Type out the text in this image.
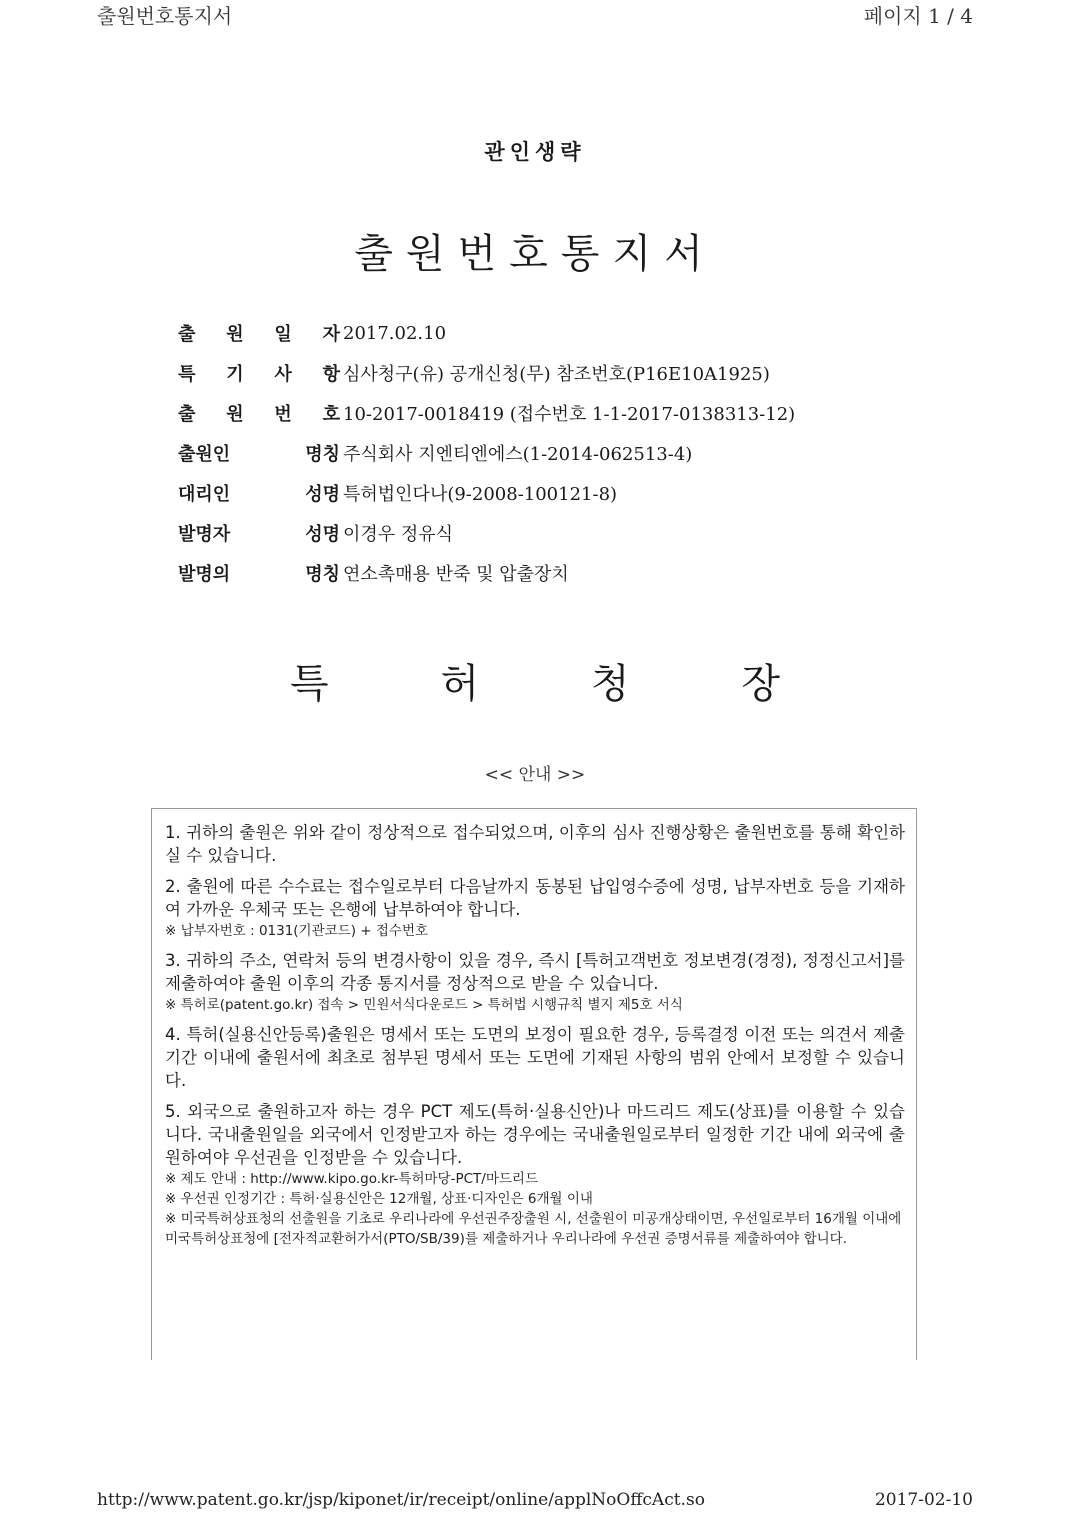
출원번호통지서	페이지 1 / 4
관인생략
출원번호통지서
출 원 일 자 2017.02.10
특 기 사 항 심사청구(유) 공개신청(무) 참조번호(P16E10A1925)
출 원 번 호 10-2017-0018419 (접수번호 1-1-2017-0138313-12)
출원인	명칭 주식회사 지엔티엔에스(1-2014-062513-4)
대리인	성명 특허법인다나(9-2008-100121-8)
발명자	성명 이경우 정유식
발명의	명칭 연소촉매용 반죽 및 압출장치
특	허	청	장
<< 안내 >>

1. 귀하의 출원은 위와 같이 정상적으로 접수되었으며, 이후의 심사 진행상황은 출원번호를 통해 확인하실 수 있습니다.

2. 출원에 따른 수수료는 접수일로부터 다음날까지 동봉된 납입영수증에 성명, 납부자번호 등을 기재하여 가까운 우체국 또는 은행에 납부하여야 합니다.

※ 납부자번호 : 0131(기관코드) + 접수번호

3. 귀하의 주소, 연락처 등의 변경사항이 있을 경우, 즉시 [특허고객번호 정보변경(경정), 정정신고서]를 제출하여야 출원 이후의 각종 통지서를 정상적으로 받을 수 있습니다.

※ 특허로(patent.go.kr) 접속 > 민원서식다운로드 > 특허법 시행규칙 별지 제5호 서식

4. 특허(실용신안등록)출원은 명세서 또는 도면의 보정이 필요한 경우, 등록결정 이전 또는 의견서 제출기간 이내에 출원서에 최초로 첨부된 명세서 또는 도면에 기재된 사항의 범위 안에서 보정할 수 있습니다.

5. 외국으로 출원하고자 하는 경우 PCT 제도(특허·실용신안)나 마드리드 제도(상표)를 이용할 수 있습니다. 국내출원일을 외국에서 인정받고자 하는 경우에는 국내출원일로부터 일정한 기간 내에 외국에 출원하여야 우선권을 인정받을 수 있습니다.

※ 제도 안내 : http://www.kipo.go.kr-특허마당-PCT/마드리드

※ 우선권 인정기간 : 특허·실용신안은 12개월, 상표·디자인은 6개월 이내

※ 미국특허상표청의 선출원을 기초로 우리나라에 우선권주장출원 시, 선출원이 미공개상태이면, 우선일로부터 16개월 이내에 미국특허상표청에 [전자적교환허가서(PTO/SB/39)를 제출하거나 우리나라에 우선권 증명서류를 제출하여야 합니다.

http://www.patent.go.kr/jsp/kiponet/ir/receipt/online/applNoOffcAct.so	2017-02-10
